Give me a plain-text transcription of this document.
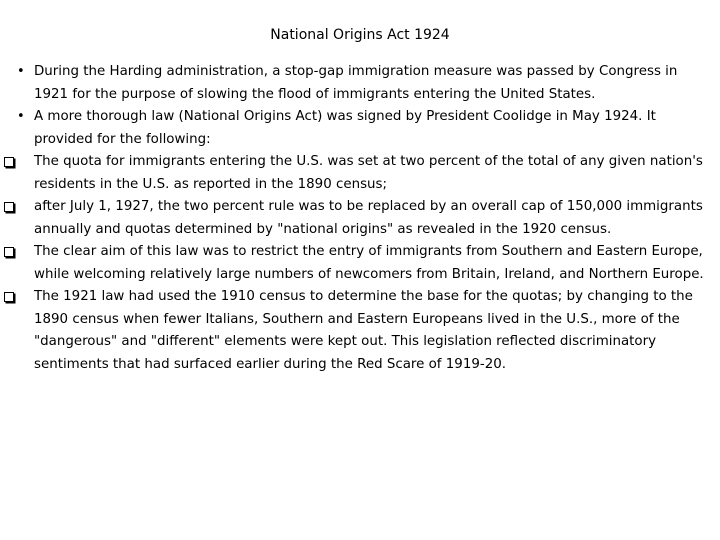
National Origins Act 1924
• During the Harding administration, a stop-gap immigration measure was passed by Congress in 1921 for the purpose of slowing the flood of immigrants entering the United States.
• A more thorough law (National Origins Act) was signed by President Coolidge in May 1924. It provided for the following:
The quota for immigrants entering the U.S. was set at two percent of the total of any given nation's residents in the U.S. as reported in the 1890 census;
after July 1, 1927, the two percent rule was to be replaced by an overall cap of 150,000 immigrants annually and quotas determined by "national origins" as revealed in the 1920 census.
The clear aim of this law was to restrict the entry of immigrants from Southern and Eastern Europe, while welcoming relatively large numbers of newcomers from Britain, Ireland, and Northern Europe.
The 1921 law had used the 1910 census to determine the base for the quotas; by changing to the 1890 census when fewer Italians, Southern and Eastern Europeans lived in the U.S., more of the "dangerous" and "different" elements were kept out. This legislation reflected discriminatory sentiments that had surfaced earlier during the Red Scare of 1919-20.
